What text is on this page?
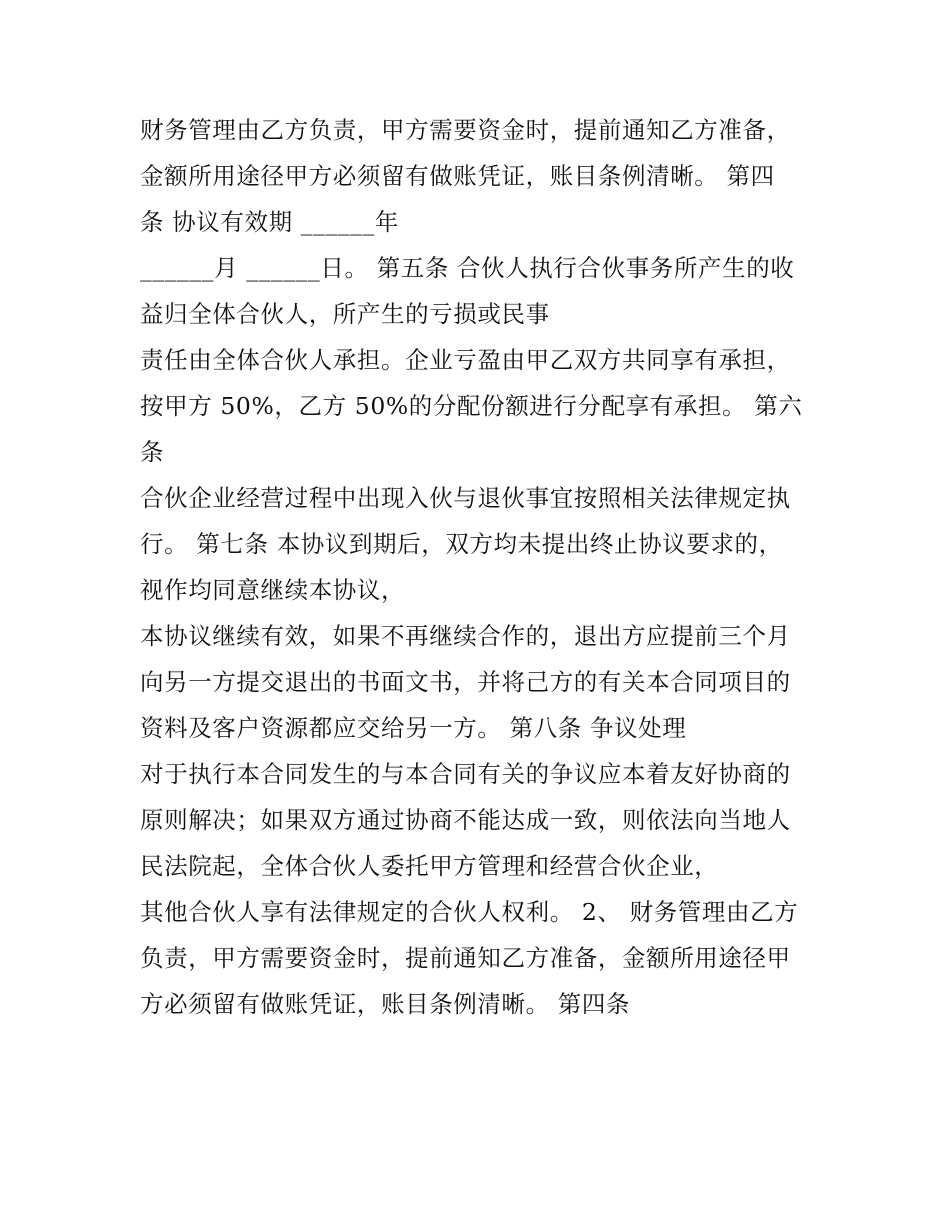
财务管理由乙方负责，甲方需要资金时，提前通知乙方准备，
金额所用途径甲方必须留有做账凭证，账目条例清晰。 第四
条 协议有效期 ______年
______月 ______日。 第五条 合伙人执行合伙事务所产生的收
益归全体合伙人，所产生的亏损或民事
责任由全体合伙人承担。企业亏盈由甲乙双方共同享有承担，
按甲方 50%，乙方 50%的分配份额进行分配享有承担。 第六
条
合伙企业经营过程中出现入伙与退伙事宜按照相关法律规定执
行。 第七条 本协议到期后，双方均未提出终止协议要求的，
视作均同意继续本协议，
本协议继续有效，如果不再继续合作的，退出方应提前三个月
向另一方提交退出的书面文书，并将己方的有关本合同项目的
资料及客户资源都应交给另一方。 第八条 争议处理
对于执行本合同发生的与本合同有关的争议应本着友好协商的
原则解决；如果双方通过协商不能达成一致，则依法向当地人
民法院起，全体合伙人委托甲方管理和经营合伙企业，
其他合伙人享有法律规定的合伙人权利。 2、 财务管理由乙方
负责，甲方需要资金时，提前通知乙方准备，金额所用途径甲
方必须留有做账凭证，账目条例清晰。 第四条
